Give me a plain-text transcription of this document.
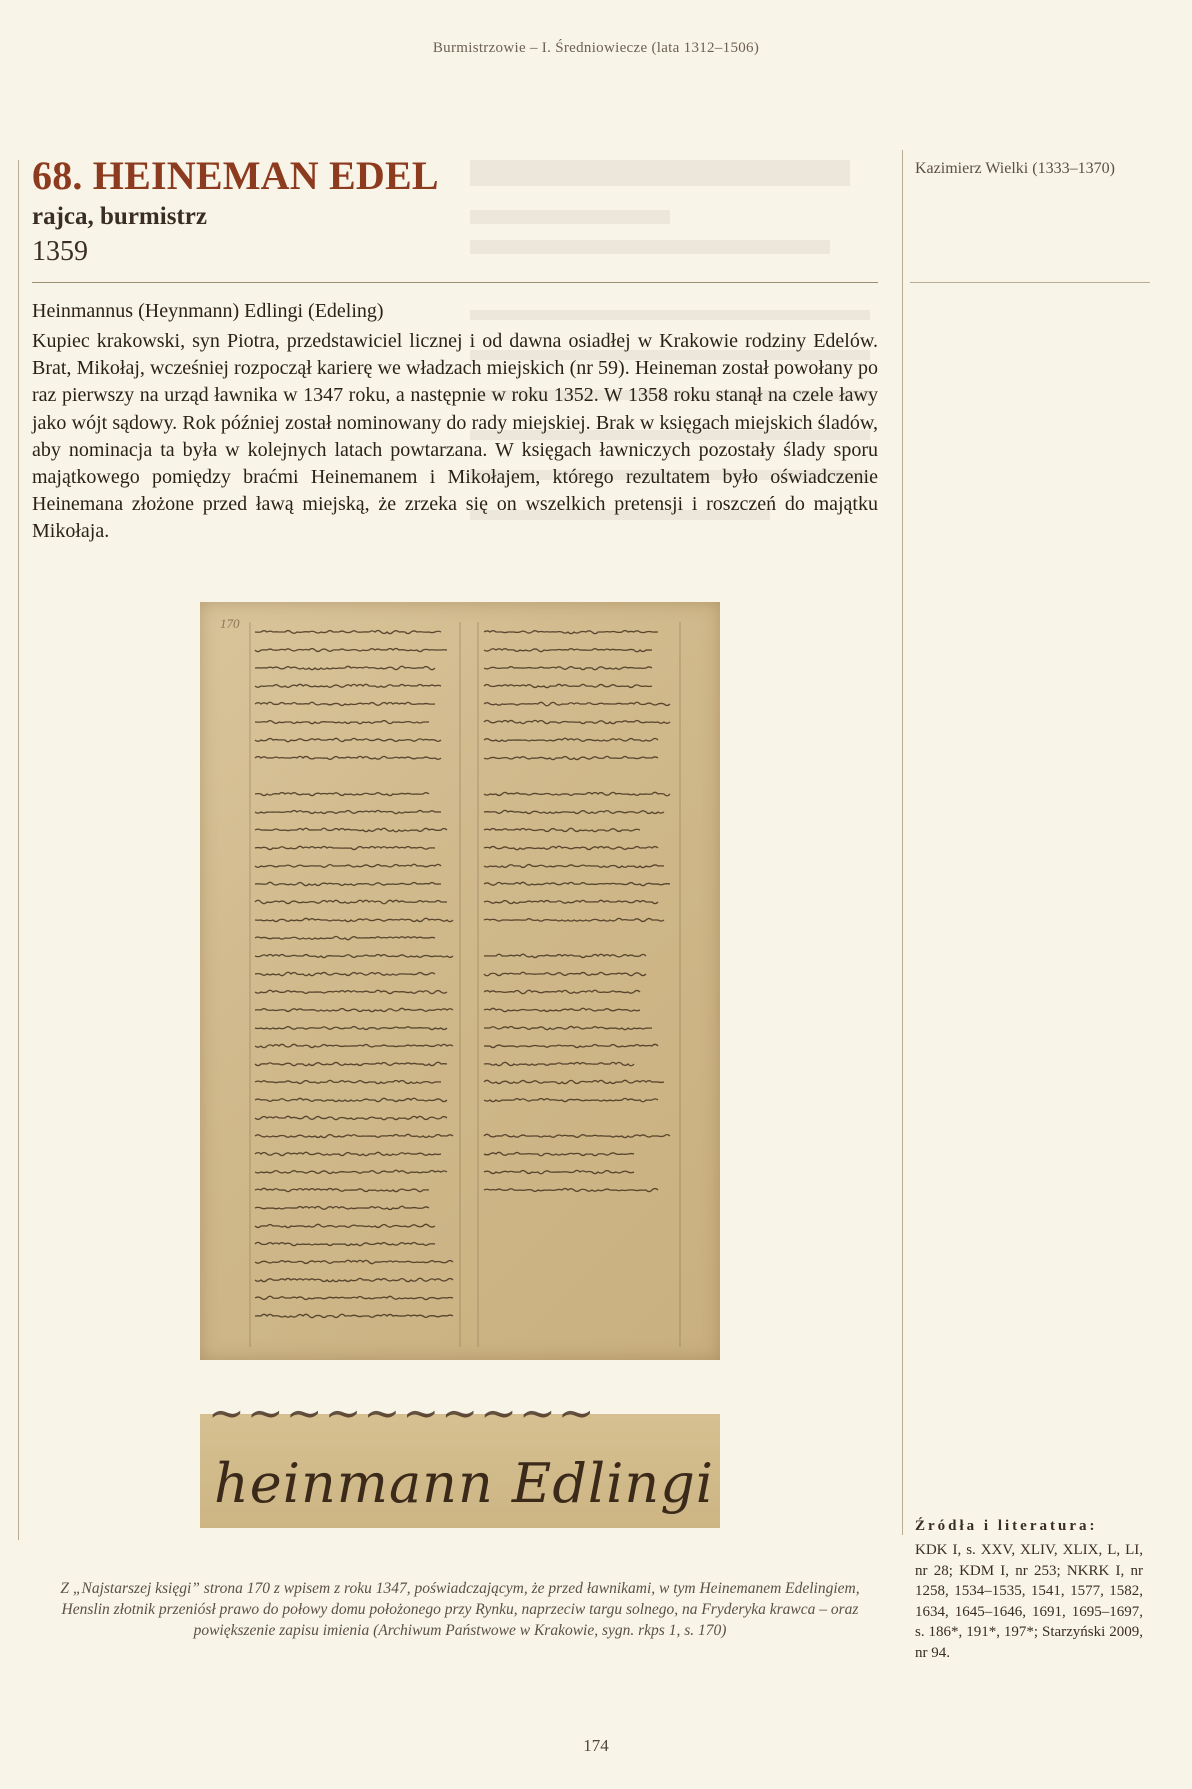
Burmistrzowie – I. Średniowiecze (lata 1312–1506)
68. HEINEMAN EDEL
rajca, burmistrz
1359
Kazimierz Wielki (1333–1370)
Heinmannus (Heynmann) Edlingi (Edeling)

Kupiec krakowski, syn Piotra, przedstawiciel licznej i od dawna osiadłej w Krakowie rodziny Edelów. Brat, Mikołaj, wcześniej rozpoczął karierę we władzach miejskich (nr 59). Heineman został powołany po raz pierwszy na urząd ławnika w 1347 roku, a następnie w roku 1352. W 1358 roku stanął na czele ławy jako wójt sądowy. Rok później został nominowany do rady miejskiej. Brak w księgach miejskich śladów, aby nominacja ta była w kolejnych latach powtarzana. W księgach ławniczych pozostały ślady sporu majątkowego pomiędzy braćmi Heinemanem i Mikołajem, którego rezultatem było oświadczenie Heinemana złożone przed ławą miejską, że zrzeka się on wszelkich pretensji i roszczeń do majątku Mikołaja.

170
~~~~~~~~~~
heinmann Edlingi

Z „Najstarszej księgi” strona 170 z wpisem z roku 1347, poświadczającym, że przed ławnikami, w tym Heinemanem Edelingiem, Henslin złotnik przeniósł prawo do połowy domu położonego przy Rynku, naprzeciw targu solnego, na Fryderyka krawca – oraz powiększenie zapisu imienia (Archiwum Państwowe w Krakowie, sygn. rkps 1, s. 170)

Źródła i literatura:

KDK I, s. XXV, XLIV, XLIX, L, LI, nr 28; KDM I, nr 253; NKRK I, nr 1258, 1534–1535, 1541, 1577, 1582, 1634, 1645–1646, 1691, 1695–1697, s. 186*, 191*, 197*; Starzyński 2009, nr 94.

174
